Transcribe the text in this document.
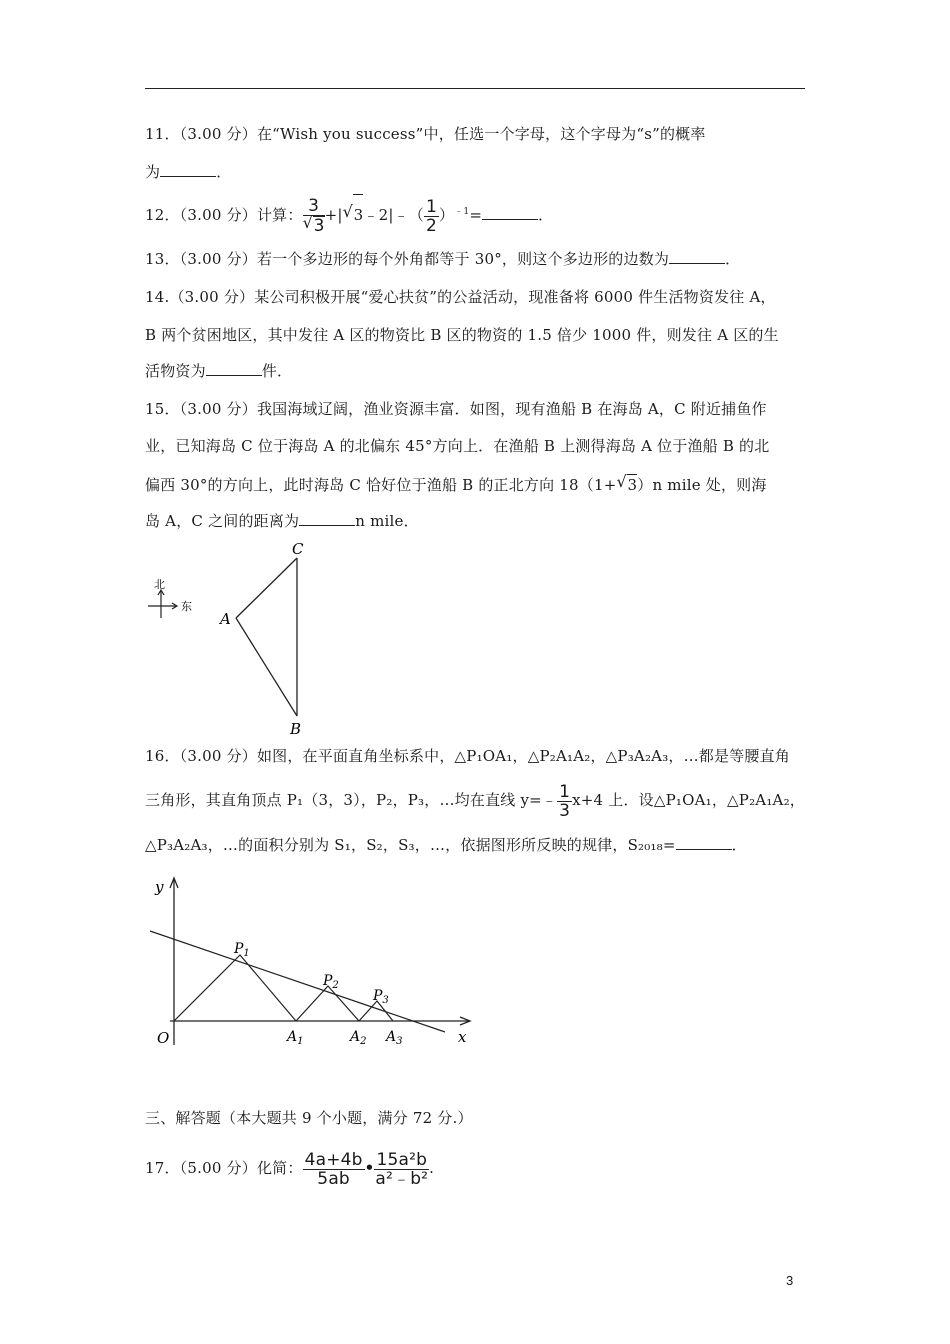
11．（3.00 分）在“Wish you success”中，任选一个字母，这个字母为“s”的概率
为	．
12．（3.00 分）计算： 3
√ 3 +| √ 3﹣2|﹣（ $\frac{1}{2} )^{﹣1}=$	．
13．（3.00 分）若一个多边形的每个外角都等于 30°，则这个多边形的边数为	．
14.（3.00 分）某公司积极开展“爱心扶贫”的公益活动，现准备将 6000 件生活物资发往 A，
B 两个贫困地区，其中发往 A 区的物资比 B 区的物资的 1.5 倍少 1000 件，则发往 A 区的生
活物资为	件．
15．（3.00 分）我国海域辽阔，渔业资源丰富．如图，现有渔船 B 在海岛 A，C 附近捕鱼作
业，已知海岛 C 位于海岛 A 的北偏东 45°方向上．在渔船 B 上测得海岛 A 位于渔船 B 的北
偏西 30°的方向上，此时海岛 C 恰好位于渔船 B 的正北方向 18（1+ √ 3）n mile 处，则海
岛 A，C 之间的距离为	n mile．
北
东
C
A
B
16．（3.00 分）如图，在平面直角坐标系中，△P₁OA₁，△P₂A₁A₂，△P₃A₂A₃，…都是等腰直角
三角形，其直角顶点 P₁（3，3），P₂，P₃，…均在直线 y=﹣ $\frac{1}{3} x+4$ 上．设△P₁OA₁，△P₂A₁A₂，
△P₃A₂A₃，…的面积分别为 S₁，S₂，S₃，…，依据图形所反映的规律，S₂₀₁₈=	．
y
x
O
$P_1$
$P_2$
$P_3$
$A_1$	$A_2$ $A_3$
三、解答题（本大题共 9 个小题，满分 72 分.）
17．（5.00 分）化简： $\frac{4a+4b}{5ab}$ • $\frac{\text{15a²b}}{\text{a²﹣b²}}$ .
3
